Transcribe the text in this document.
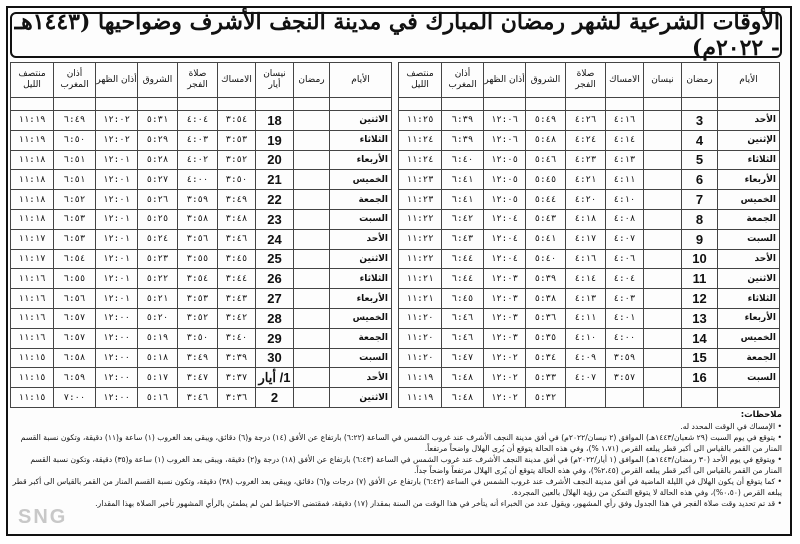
الأوقات الشرعية لشهر رمضان المبارك في مدينة النجف الأشرف وضواحيها (١٤٤٣هـ - ٢٠٢٢م)
الأيام	رمضان	نيسان	الامساك	صلاة الفجر	الشروق	أذان الظهر	أذان المغرب	منتصف الليل

الأحد	3		٤:١٦	٤:٢٦	٥:٤٩	١٢:٠٦	٦:٣٩	١١:٢٥
الإثنين	4		٤:١٤	٤:٢٤	٥:٤٨	١٢:٠٦	٦:٣٩	١١:٢٤
الثلاثاء	5		٤:١٣	٤:٢٣	٥:٤٦	١٢:٠٥	٦:٤٠	١١:٢٤
الأربعاء	6		٤:١١	٤:٢١	٥:٤٥	١٢:٠٥	٦:٤١	١١:٢٣
الخميس	7		٤:١٠	٤:٢٠	٥:٤٤	١٢:٠٥	٦:٤١	١١:٢٣
الجمعة	8		٤:٠٨	٤:١٨	٥:٤٣	١٢:٠٤	٦:٤٢	١١:٢٢
السبت	9		٤:٠٧	٤:١٧	٥:٤١	١٢:٠٤	٦:٤٣	١١:٢٢
الأحد	10		٤:٠٦	٤:١٦	٥:٤٠	١٢:٠٤	٦:٤٤	١١:٢٢
الاثنين	11		٤:٠٤	٤:١٤	٥:٣٩	١٢:٠٣	٦:٤٤	١١:٢١
الثلاثاء	12		٤:٠٣	٤:١٣	٥:٣٨	١٢:٠٣	٦:٤٥	١١:٢١
الأربعاء	13		٤:٠١	٤:١١	٥:٣٦	١٢:٠٣	٦:٤٦	١١:٢٠
الخميس	14		٤:٠٠	٤:١٠	٥:٣٥	١٢:٠٣	٦:٤٦	١١:٢٠
الجمعة	15		٣:٥٩	٤:٠٩	٥:٣٤	١٢:٠٢	٦:٤٧	١١:٢٠
السبت	16		٣:٥٧	٤:٠٧	٥:٣٣	١٢:٠٢	٦:٤٨	١١:١٩
					٥:٣٢	١٢:٠٢	٦:٤٨	١١:١٩
الأيام	رمضان	نيسان أيار	الامساك	صلاة الفجر	الشروق	أذان الظهر	أذان المغرب	منتصف الليل

الاثنين		18	٣:٥٤	٤:٠٤	٥:٣١	١٢:٠٢	٦:٤٩	١١:١٩
الثلاثاء		19	٣:٥٣	٤:٠٣	٥:٢٩	١٢:٠٢	٦:٥٠	١١:١٩
الأربعاء		20	٣:٥٢	٤:٠٢	٥:٢٨	١٢:٠١	٦:٥١	١١:١٨
الخميس		21	٣:٥٠	٤:٠٠	٥:٢٧	١٢:٠١	٦:٥١	١١:١٨
الجمعة		22	٣:٤٩	٣:٥٩	٥:٢٦	١٢:٠١	٦:٥٢	١١:١٨
السبت		23	٣:٤٨	٣:٥٨	٥:٢٥	١٢:٠١	٦:٥٣	١١:١٨
الأحد		24	٣:٤٦	٣:٥٦	٥:٢٤	١٢:٠١	٦:٥٣	١١:١٧
الاثنين		25	٣:٤٥	٣:٥٥	٥:٢٣	١٢:٠١	٦:٥٤	١١:١٧
الثلاثاء		26	٣:٤٤	٣:٥٤	٥:٢٢	١٢:٠١	٦:٥٥	١١:١٦
الأربعاء		27	٣:٤٣	٣:٥٣	٥:٢١	١٢:٠١	٦:٥٦	١١:١٦
الخميس		28	٣:٤٢	٣:٥٢	٥:٢٠	١٢:٠٠	٦:٥٧	١١:١٦
الجمعة		29	٣:٤٠	٣:٥٠	٥:١٩	١٢:٠٠	٦:٥٧	١١:١٦
السبت		30	٣:٣٩	٣:٤٩	٥:١٨	١٢:٠٠	٦:٥٨	١١:١٥
الأحد		1/ أيار	٣:٣٧	٣:٤٧	٥:١٧	١٢:٠٠	٦:٥٩	١١:١٥
الاثنين		2	٣:٣٦	٣:٤٦	٥:١٦	١٢:٠٠	٧:٠٠	١١:١٥

ملاحظات:

• الإمساك في الوقت المحدد له.

• يتوقع في يوم السبت (٢٩ شعبان/١٤٤٣هـ) الموافق (٢ نيسان/٢٠٢٢م) في أفق مدينة النجف الأشرف عند غروب الشمس في الساعة (٦:٢٢) بارتفاع عن الأفق (١٤) درجة و(٦) دقائق، ويبقى بعد الغروب (١) ساعة و(١١) دقيقة، وتكون نسبة القسم المنار من القمر بالقياس الى أكبر قطر يبلغه القرص (١،٧١ %)، وفي هذه الحالة يتوقع أن يُرى الهلال واضحاً مرتفعاً.

• ويتوقع في يوم الأحد (٣٠ رمضان/١٤٤٣هـ) الموافق (١ أيار/٢٠٢٢م) في أفق مدينة النجف الأشرف عند غروب الشمس في الساعة (٦:٤٣) بارتفاع عن الأفق (١٨) درجة و(٢) دقيقة، ويبقى بعد الغروب (١) ساعة و(٣٥) دقيقة، وتكون نسبة القسم المنار من القمر بالقياس الى أكبر قطر يبلغه القرص (٢،٤٥%)، وفي هذه الحالة يتوقع أن يُرى الهلال مرتفعاً واضحاً جداً.

• كما يتوقع أن يكون الهلال في الليلة الماضية في أفق مدينة النجف الأشرف عند غروب الشمس في الساعة (٦:٤٢) بارتفاع عن الأفق (٧) درجات و(٦) دقائق، ويبقى بعد الغروب (٣٨) دقيقة، وتكون نسبة القسم المنار من القمر بالقياس الى أكبر قطر يبلغه القرص (٠،٥٠%)، وفي هذه الحالة لا يتوقع التمكن من رؤية الهلال بالعين المجردة.

• قد تم تحديد وقت صلاة الفجر في هذا الجدول وفق رأي المشهور، ويقول عدد من الخبراء أنه يتأخر في هذا الوقت من السنة بمقدار (١٧) دقيقة، فمقتضى الاحتياط لمن لم يطمئن بالرأي المشهور تأخير الصلاة بهذا المقدار.

SNG
